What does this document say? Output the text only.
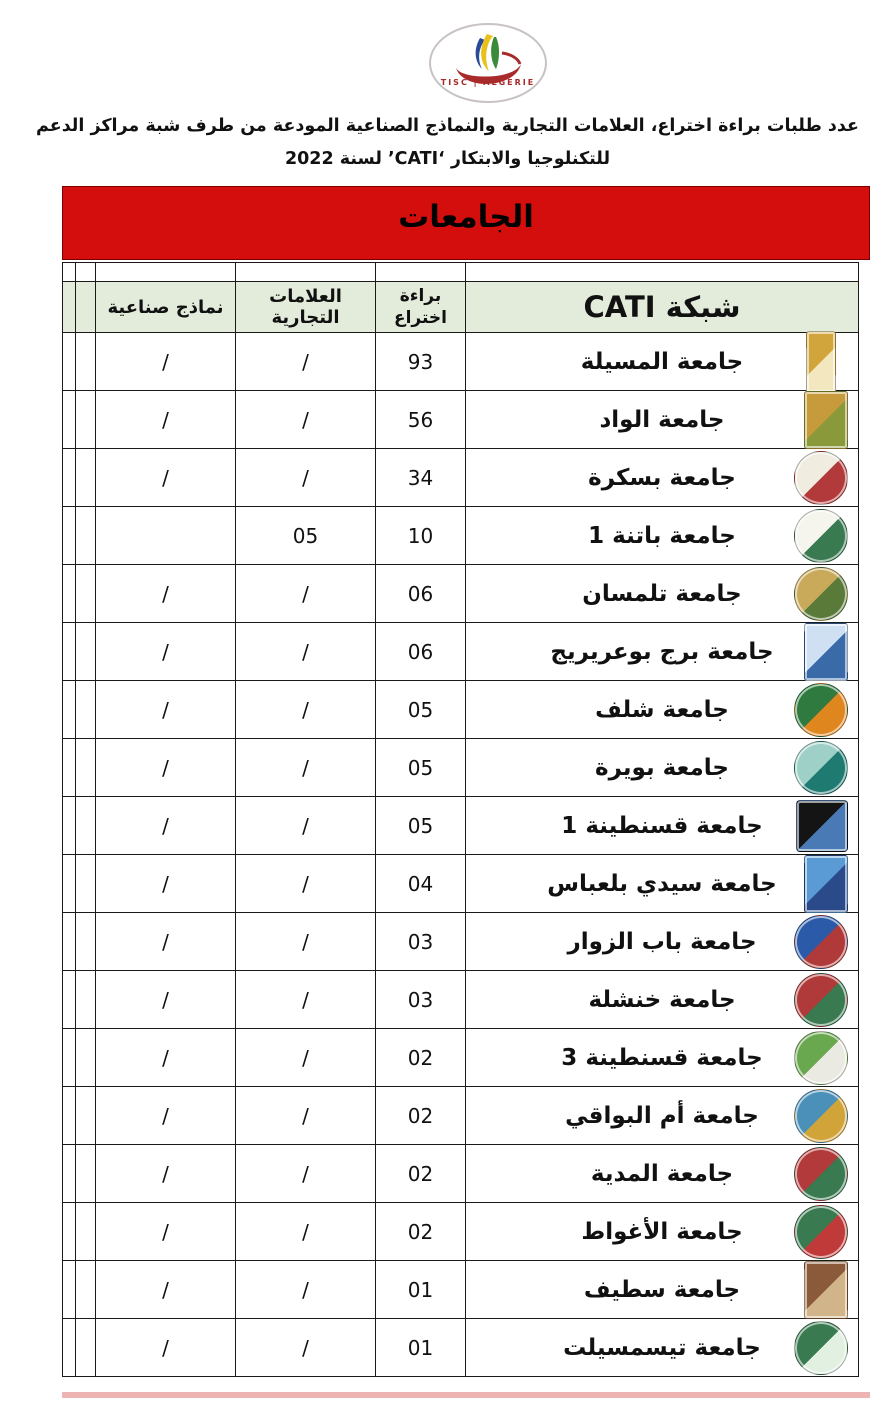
TISC | ALGERIE
عدد طلبات براءة اختراع، العلامات التجارية والنماذج الصناعية المودعة من طرف شبة مراكز الدعم
للتكنلوجيا والابتكار ‘CATI’ لسنة 2022
الجامعات

		نماذج صناعية	العلامات التجارية	براءة اختراع	شبكة CATI
		/	/	93	جامعة المسيلة

		/	/	56	جامعة الواد

		/	/	34	جامعة بسكرة

			05	10	جامعة باتنة 1

		/	/	06	جامعة تلمسان

		/	/	06	جامعة برج بوعريريج

		/	/	05	جامعة شلف

		/	/	05	جامعة بويرة

		/	/	05	جامعة قسنطينة 1

		/	/	04	جامعة سيدي بلعباس

		/	/	03	جامعة باب الزوار

		/	/	03	جامعة خنشلة

		/	/	02	جامعة قسنطينة 3

		/	/	02	جامعة أم البواقي

		/	/	02	جامعة المدية

		/	/	02	جامعة الأغواط

		/	/	01	جامعة سطيف

		/	/	01	جامعة تيسمسيلت
